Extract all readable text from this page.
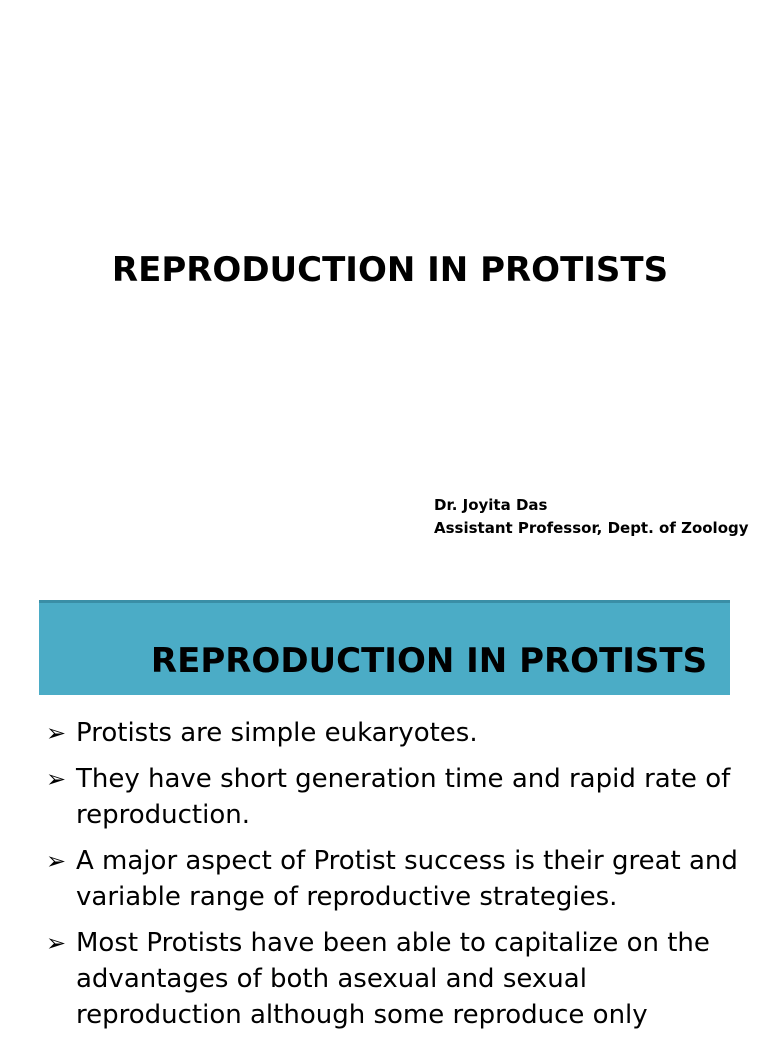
REPRODUCTION IN PROTISTS
Dr. Joyita Das
Assistant Professor, Dept. of Zoology
REPRODUCTION IN PROTISTS
➢ Protists are simple eukaryotes.
➢ They have short generation time and rapid rate of reproduction.
➢ A major aspect of Protist success is their great and variable range of reproductive strategies.
➢ Most Protists have been able to capitalize on the advantages of both asexual and sexual reproduction although some reproduce only
